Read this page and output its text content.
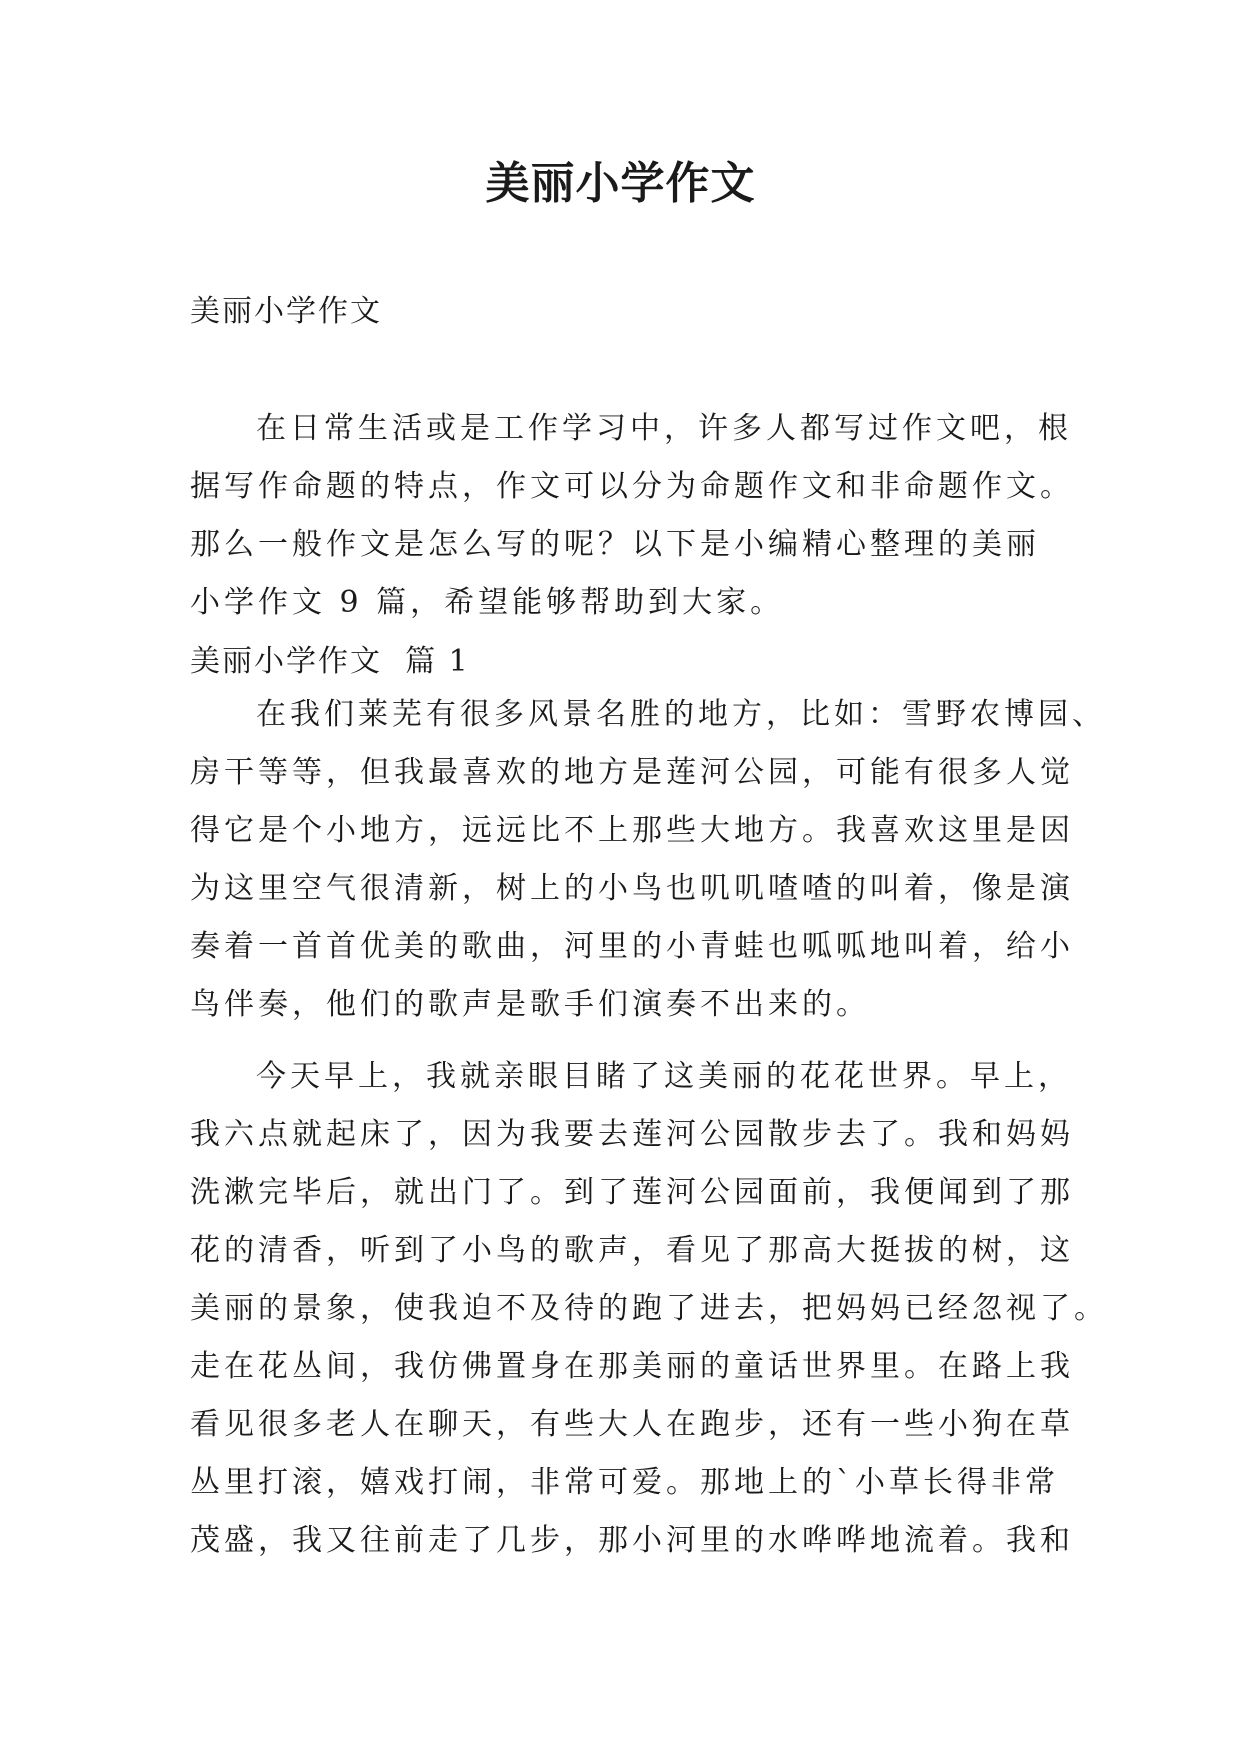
美丽小学作文
美丽小学作文
在日常生活或是工作学习中，许多人都写过作文吧，根
据写作命题的特点，作文可以分为命题作文和非命题作文。
那么一般作文是怎么写的呢？以下是小编精心整理的美丽
小学作文 9 篇，希望能够帮助到大家。
美丽小学作文  篇 1
在我们莱芜有很多风景名胜的地方，比如：雪野农博园、
房干等等，但我最喜欢的地方是莲河公园，可能有很多人觉
得它是个小地方，远远比不上那些大地方。我喜欢这里是因
为这里空气很清新，树上的小鸟也叽叽喳喳的叫着，像是演
奏着一首首优美的歌曲，河里的小青蛙也呱呱地叫着，给小
鸟伴奏，他们的歌声是歌手们演奏不出来的。
今天早上，我就亲眼目睹了这美丽的花花世界。早上，
我六点就起床了，因为我要去莲河公园散步去了。我和妈妈
洗漱完毕后，就出门了。到了莲河公园面前，我便闻到了那
花的清香，听到了小鸟的歌声，看见了那高大挺拔的树，这
美丽的景象，使我迫不及待的跑了进去，把妈妈已经忽视了。
走在花丛间，我仿佛置身在那美丽的童话世界里。在路上我
看见很多老人在聊天，有些大人在跑步，还有一些小狗在草
丛里打滚，嬉戏打闹，非常可爱。那地上的`小草长得非常
茂盛，我又往前走了几步，那小河里的水哗哗地流着。我和
